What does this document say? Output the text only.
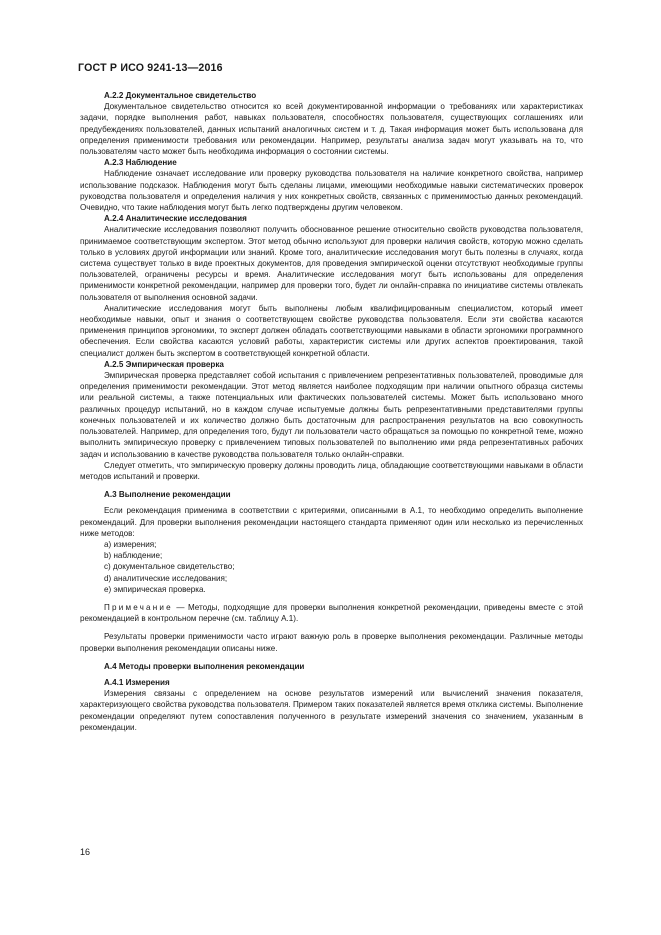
ГОСТ Р ИСО 9241-13—2016
А.2.2 Документальное свидетельство

Документальное свидетельство относится ко всей документированной информации о требованиях или характеристиках задачи, порядке выполнения работ, навыках пользователя, способностях пользователя, существующих соглашениях или предубеждениях пользователей, данных испытаний аналогичных систем и т. д. Такая информация может быть использована для определения применимости требования или рекомендации. Например, результаты анализа задач могут указывать на то, что пользователям часто может быть необходима информация о состоянии системы.

А.2.3 Наблюдение

Наблюдение означает исследование или проверку руководства пользователя на наличие конкретного свойства, например использование подсказок. Наблюдения могут быть сделаны лицами, имеющими необходимые навыки систематических проверок руководства пользователя и определения наличия у них конкретных свойств, связанных с применимостью данных рекомендаций. Очевидно, что такие наблюдения могут быть легко подтверждены другим человеком.

А.2.4 Аналитические исследования

Аналитические исследования позволяют получить обоснованное решение относительно свойств руководства пользователя, принимаемое соответствующим экспертом. Этот метод обычно используют для проверки наличия свойств, которую можно сделать только в условиях другой информации или знаний. Кроме того, аналитические исследования могут быть полезны в случаях, когда система существует только в виде проектных документов, для проведения эмпирической оценки отсутствуют необходимые группы пользователей, ограничены ресурсы и время. Аналитические исследования могут быть использованы для определения применимости конкретной рекомендации, например для проверки того, будет ли онлайн-справка по инициативе системы отвлекать пользователя от выполнения основной задачи.

Аналитические исследования могут быть выполнены любым квалифицированным специалистом, который имеет необходимые навыки, опыт и знания о соответствующем свойстве руководства пользователя. Если эти свойства касаются применения принципов эргономики, то эксперт должен обладать соответствующими навыками в области эргономики программного обеспечения. Если свойства касаются условий работы, характеристик системы или других аспектов проектирования, такой специалист должен быть экспертом в соответствующей конкретной области.

А.2.5 Эмпирическая проверка

Эмпирическая проверка представляет собой испытания с привлечением репрезентативных пользователей, проводимые для определения применимости рекомендации. Этот метод является наиболее подходящим при наличии опытного образца системы или реальной системы, а также потенциальных или фактических пользователей системы. Может быть использовано много различных процедур испытаний, но в каждом случае испытуемые должны быть репрезентативными представителями группы конечных пользователей и их количество должно быть достаточным для распространения результатов на всю совокупность пользователей. Например, для определения того, будут ли пользователи часто обращаться за помощью по конкретной теме, можно выполнить эмпирическую проверку с привлечением типовых пользователей по выполнению ими ряда репрезентативных рабочих задач и использованию в качестве руководства пользователя только онлайн-справки.

Следует отметить, что эмпирическую проверку должны проводить лица, обладающие соответствующими навыками в области методов испытаний и проверки.

А.3 Выполнение рекомендации

Если рекомендация применима в соответствии с критериями, описанными в А.1, то необходимо определить выполнение рекомендаций. Для проверки выполнения рекомендации настоящего стандарта применяют один или несколько из перечисленных ниже методов:

a) измерения;
b) наблюдение;
c) документальное свидетельство;
d) аналитические исследования;
e) эмпирическая проверка.

Примечание — Методы, подходящие для проверки выполнения конкретной рекомендации, приведены вместе с этой рекомендацией в контрольном перечне (см. таблицу А.1).

Результаты проверки применимости часто играют важную роль в проверке выполнения рекомендации. Различные методы проверки выполнения рекомендации описаны ниже.

А.4 Методы проверки выполнения рекомендации
А.4.1 Измерения

Измерения связаны с определением на основе результатов измерений или вычислений значения показателя, характеризующего свойства руководства пользователя. Примером таких показателей является время отклика системы. Выполнение рекомендации определяют путем сопоставления полученного в результате измерений значения со значением, указанным в рекомендации.

16
